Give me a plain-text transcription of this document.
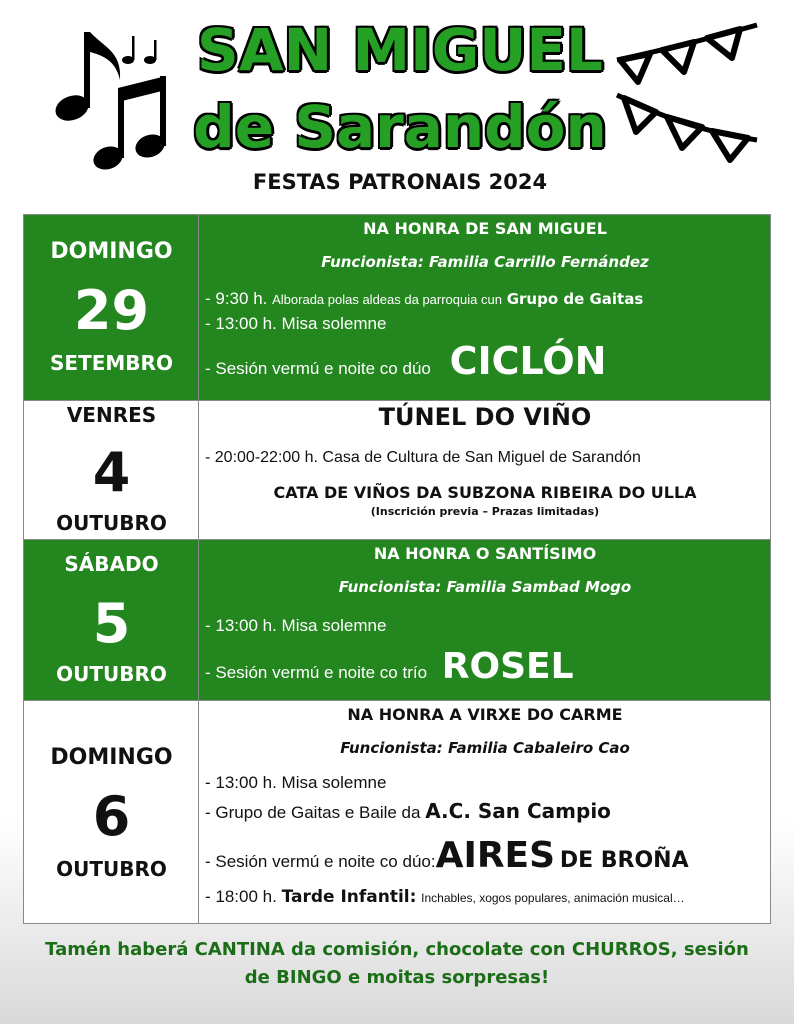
SAN MIGUEL
de Sarandón
FESTAS PATRONAIS 2024
DOMINGO
29
SETEMBRO
NA HONRA DE SAN MIGUEL
Funcionista: Familia Carrillo Fernández
- 9:30 h. Alborada polas aldeas da parroquia cun Grupo de Gaitas
- 13:00 h. Misa solemne
- Sesión vermú e noite co dúo CICLÓN
VENRES
4
OUTUBRO
TÚNEL DO VIÑO
- 20:00-22:00 h. Casa de Cultura de San Miguel de Sarandón
CATA DE VIÑOS DA SUBZONA RIBEIRA DO ULLA
(Inscrición previa – Prazas limitadas)
SÁBADO
5
OUTUBRO
NA HONRA O SANTÍSIMO
Funcionista: Familia Sambad Mogo
- 13:00 h. Misa solemne
- Sesión vermú e noite co trío ROSEL
DOMINGO
6
OUTUBRO
NA HONRA A VIRXE DO CARME
Funcionista: Familia Cabaleiro Cao
- 13:00 h. Misa solemne
- Grupo de Gaitas e Baile da A.C. San Campio
- Sesión vermú e noite co dúo:AIRES DE BROÑA
- 18:00 h. Tarde Infantil: Inchables, xogos populares, animación musical…
Tamén haberá CANTINA da comisión, chocolate con CHURROS, sesión
de BINGO e moitas sorpresas!
